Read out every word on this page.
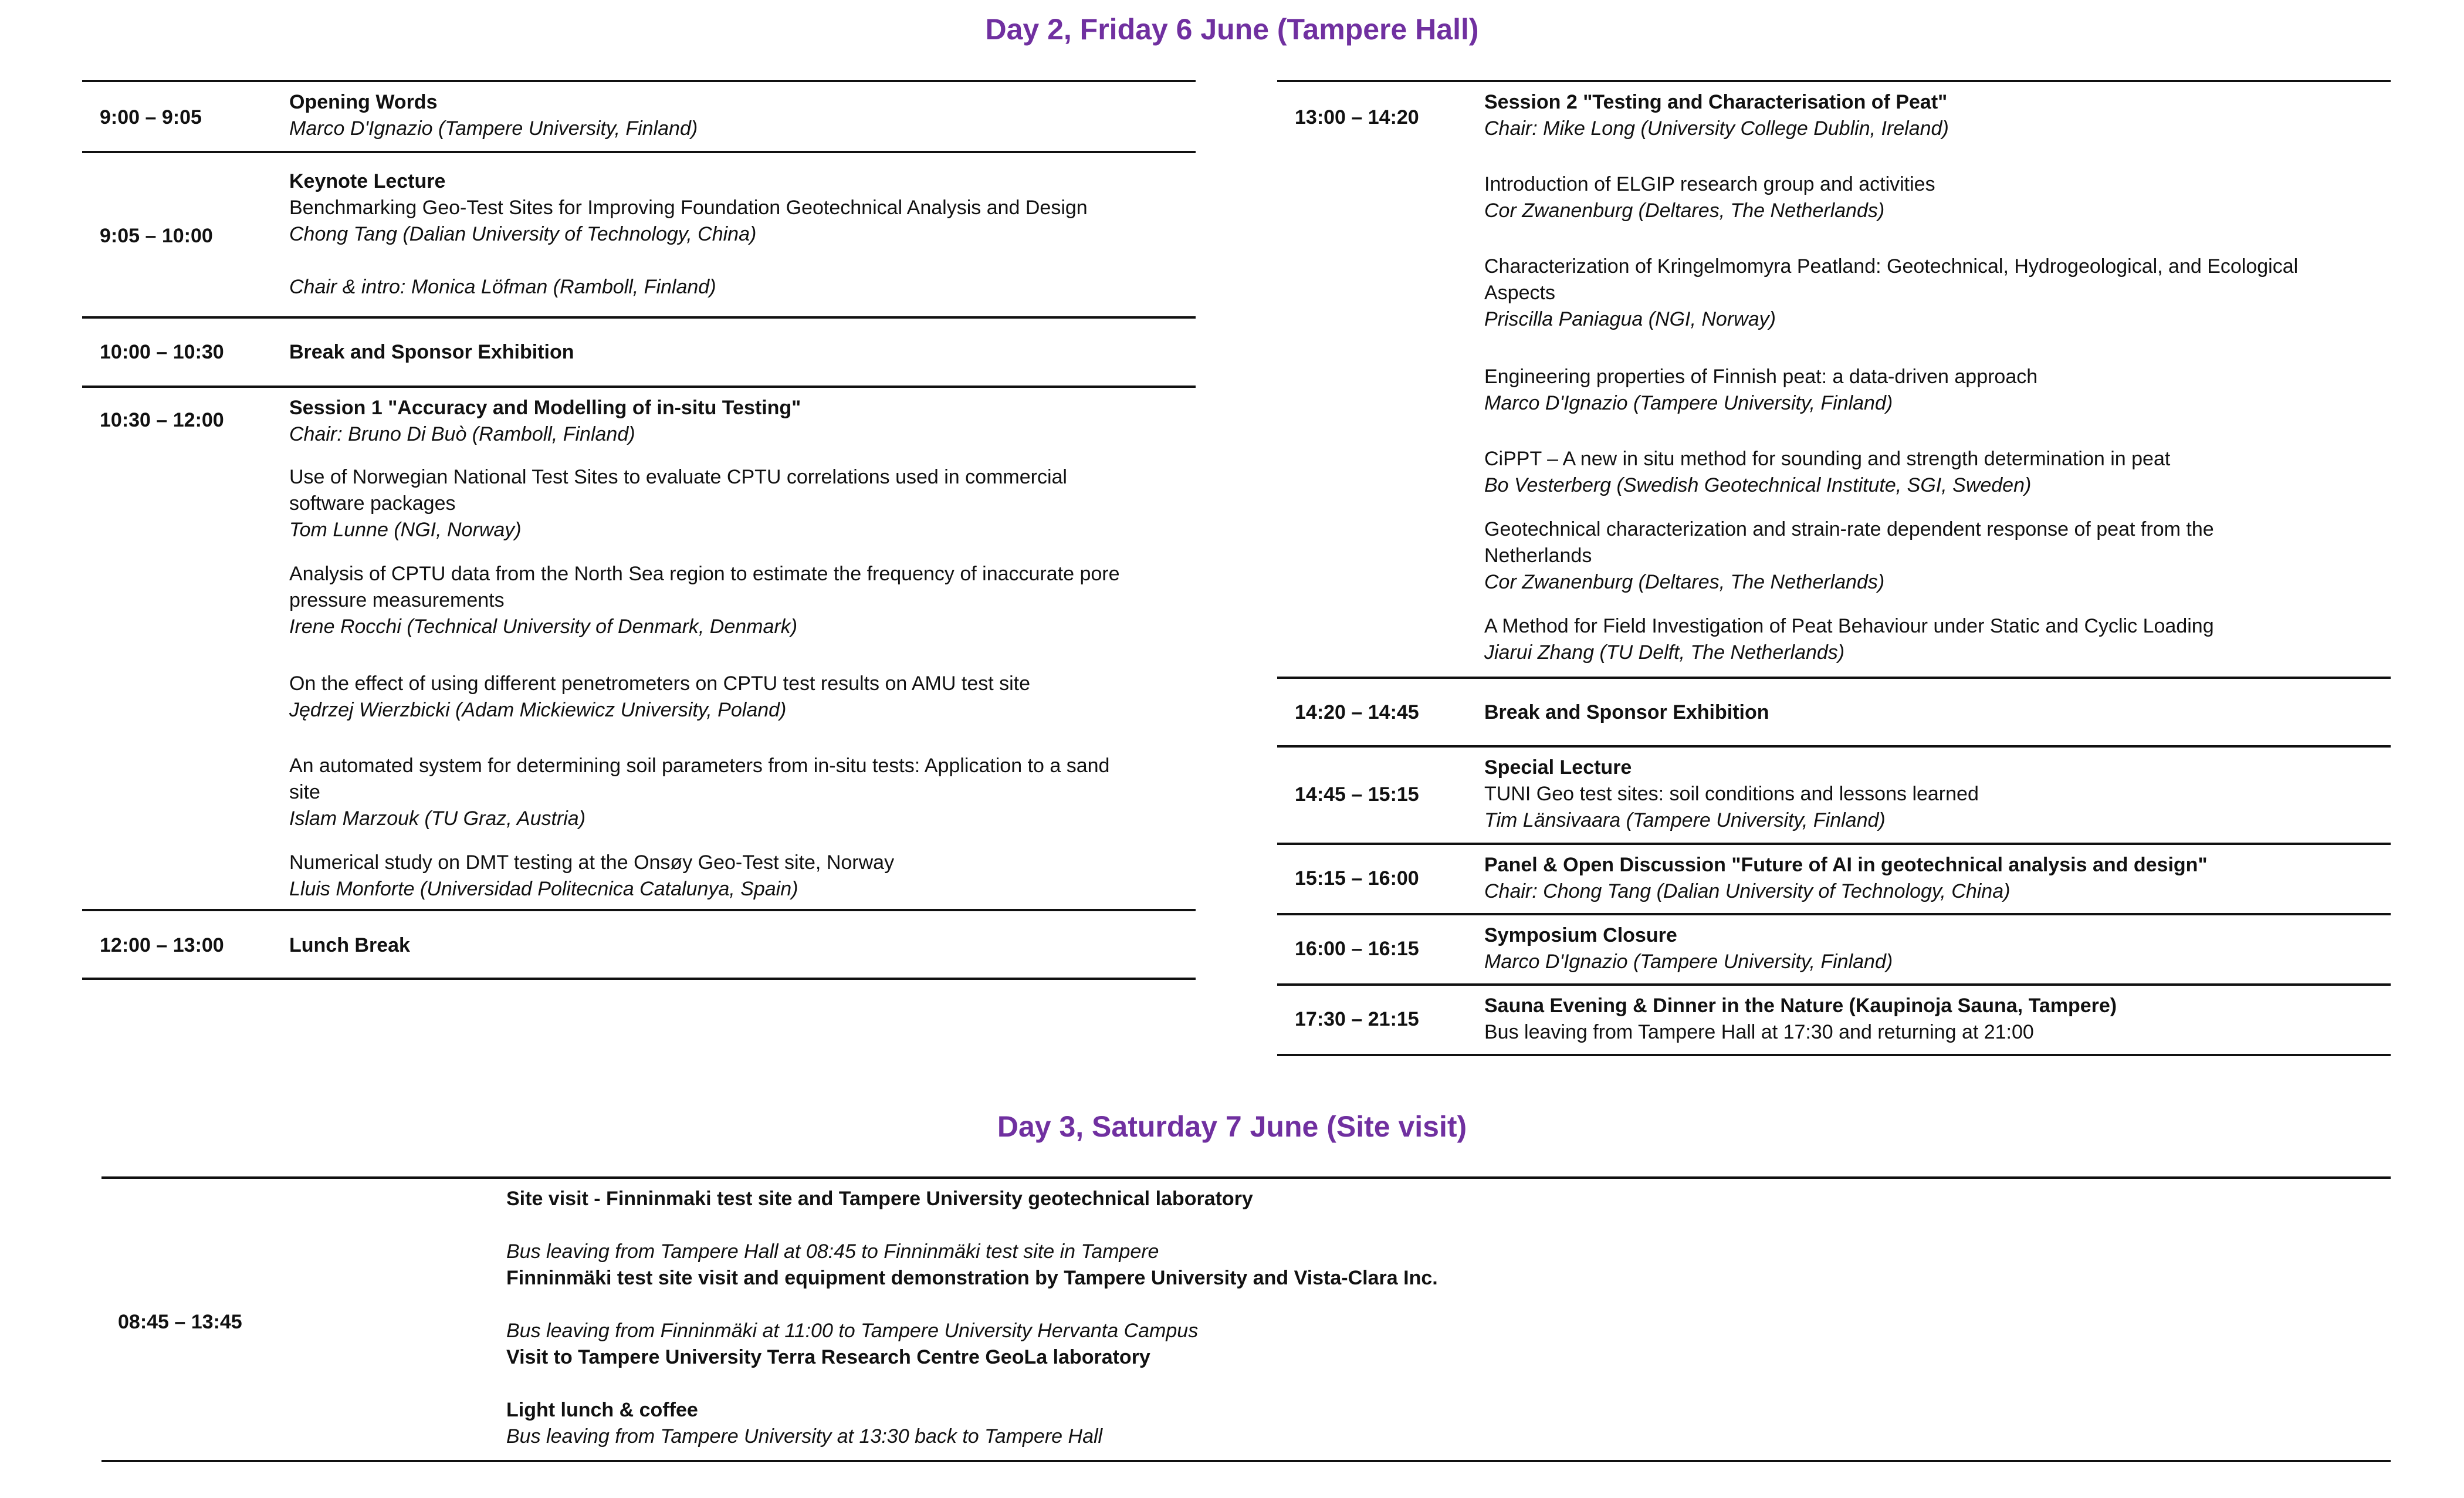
Day 2, Friday 6 June (Tampere Hall)
9:00 – 9:05
Opening Words
Marco D'Ignazio (Tampere University, Finland)
9:05 – 10:00
Keynote Lecture
Benchmarking Geo-Test Sites for Improving Foundation Geotechnical Analysis and Design
Chong Tang (Dalian University of Technology, China)
Chair & intro: Monica Löfman (Ramboll, Finland)
10:00 – 10:30	Break and Sponsor Exhibition
10:30 – 12:00
Session 1 "Accuracy and Modelling of in-situ Testing"
Chair: Bruno Di Buò (Ramboll, Finland)
Use of Norwegian National Test Sites to evaluate CPTU correlations used in commercial
software packages
Tom Lunne (NGI, Norway)
Analysis of CPTU data from the North Sea region to estimate the frequency of inaccurate pore
pressure measurements
Irene Rocchi (Technical University of Denmark, Denmark)
On the effect of using different penetrometers on CPTU test results on AMU test site
Jędrzej Wierzbicki (Adam Mickiewicz University, Poland)
An automated system for determining soil parameters from in-situ tests: Application to a sand
site
Islam Marzouk (TU Graz, Austria)
Numerical study on DMT testing at the Onsøy Geo-Test site, Norway
Lluis Monforte (Universidad Politecnica Catalunya, Spain)
12:00 – 13:00	Lunch Break
13:00 – 14:20
Session 2 "Testing and Characterisation of Peat"
Chair: Mike Long (University College Dublin, Ireland)
Introduction of ELGIP research group and activities
Cor Zwanenburg (Deltares, The Netherlands)
Characterization of Kringelmomyra Peatland: Geotechnical, Hydrogeological, and Ecological
Aspects
Priscilla Paniagua (NGI, Norway)
Engineering properties of Finnish peat: a data-driven approach
Marco D'Ignazio (Tampere University, Finland)
CiPPT – A new in situ method for sounding and strength determination in peat
Bo Vesterberg (Swedish Geotechnical Institute, SGI, Sweden)
Geotechnical characterization and strain-rate dependent response of peat from the
Netherlands
Cor Zwanenburg (Deltares, The Netherlands)
A Method for Field Investigation of Peat Behaviour under Static and Cyclic Loading
Jiarui Zhang (TU Delft, The Netherlands)
14:20 – 14:45	Break and Sponsor Exhibition
14:45 – 15:15
Special Lecture
TUNI Geo test sites: soil conditions and lessons learned
Tim Länsivaara (Tampere University, Finland)
15:15 – 16:00
Panel & Open Discussion "Future of AI in geotechnical analysis and design"
Chair: Chong Tang (Dalian University of Technology, China)
16:00 – 16:15
Symposium Closure
Marco D'Ignazio (Tampere University, Finland)
17:30 – 21:15
Sauna Evening & Dinner in the Nature (Kaupinoja Sauna, Tampere)
Bus leaving from Tampere Hall at 17:30 and returning at 21:00
Day 3, Saturday 7 June (Site visit)
08:45 – 13:45
Site visit - Finninmaki test site and Tampere University geotechnical laboratory
Bus leaving from Tampere Hall at 08:45 to Finninmäki test site in Tampere
Finninmäki test site visit and equipment demonstration by Tampere University and Vista-Clara Inc.
Bus leaving from Finninmäki at 11:00 to Tampere University Hervanta Campus
Visit to Tampere University Terra Research Centre GeoLa laboratory
Light lunch & coffee
Bus leaving from Tampere University at 13:30 back to Tampere Hall
